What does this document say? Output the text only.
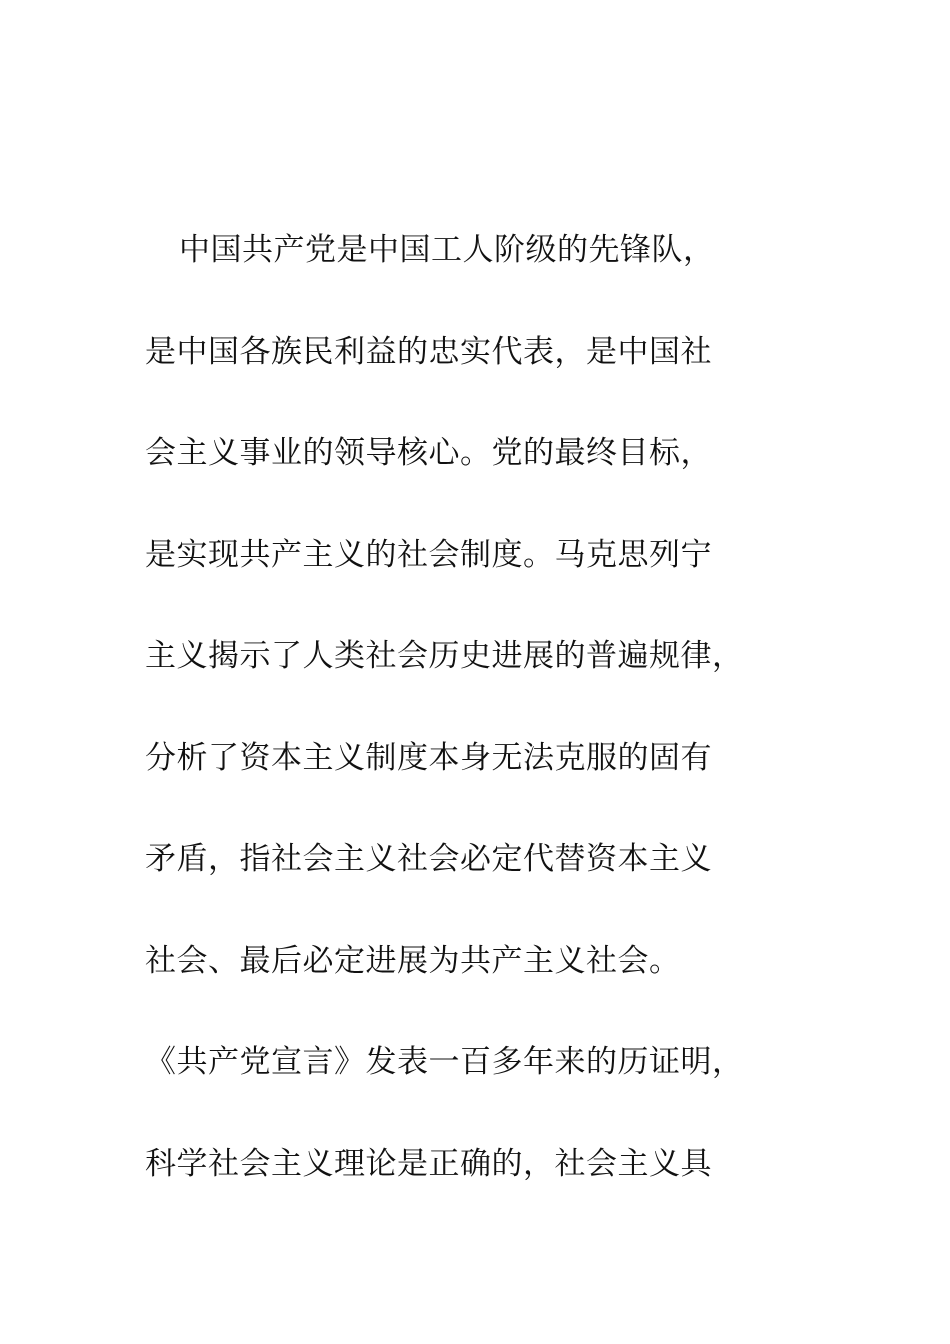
中国共产党是中国工人阶级的先锋队，
是中国各族民利益的忠实代表，是中国社
会主义事业的领导核心。党的最终目标，
是实现共产主义的社会制度。马克思列宁
主义揭示了人类社会历史进展的普遍规律，
分析了资本主义制度本身无法克服的固有
矛盾，指社会主义社会必定代替资本主义
社会、最后必定进展为共产主义社会。
《共产党宣言》发表一百多年来的历证明，
科学社会主义理论是正确的，社会主义具
